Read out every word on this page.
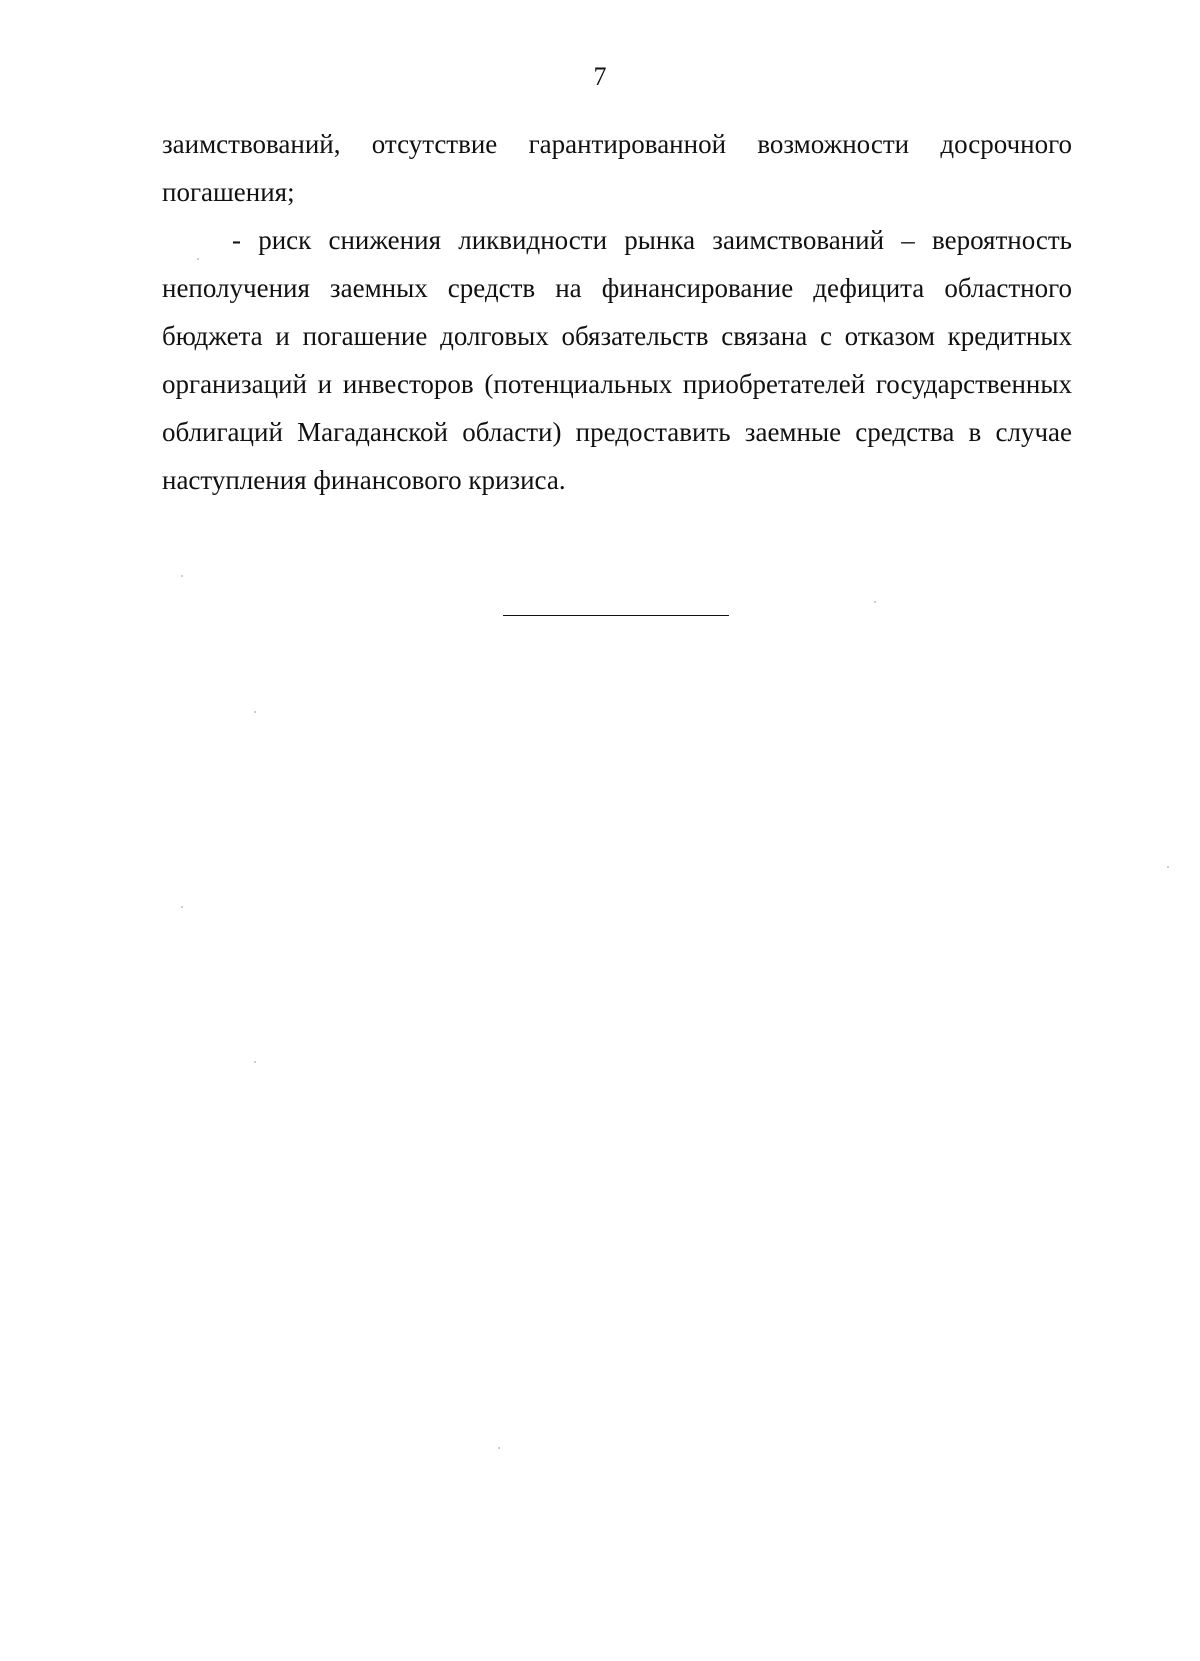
7

заимствований, отсутствие гарантированной возможности досрочного погашения;

- риск снижения ликвидности рынка заимствований – вероятность неполучения заемных средств на финансирование дефицита областного бюджета и погашение долговых обязательств связана с отказом кредитных организаций и инвесторов (потенциальных приобретателей государственных облигаций Магаданской области) предоставить заемные средства в случае наступления финансового кризиса.
